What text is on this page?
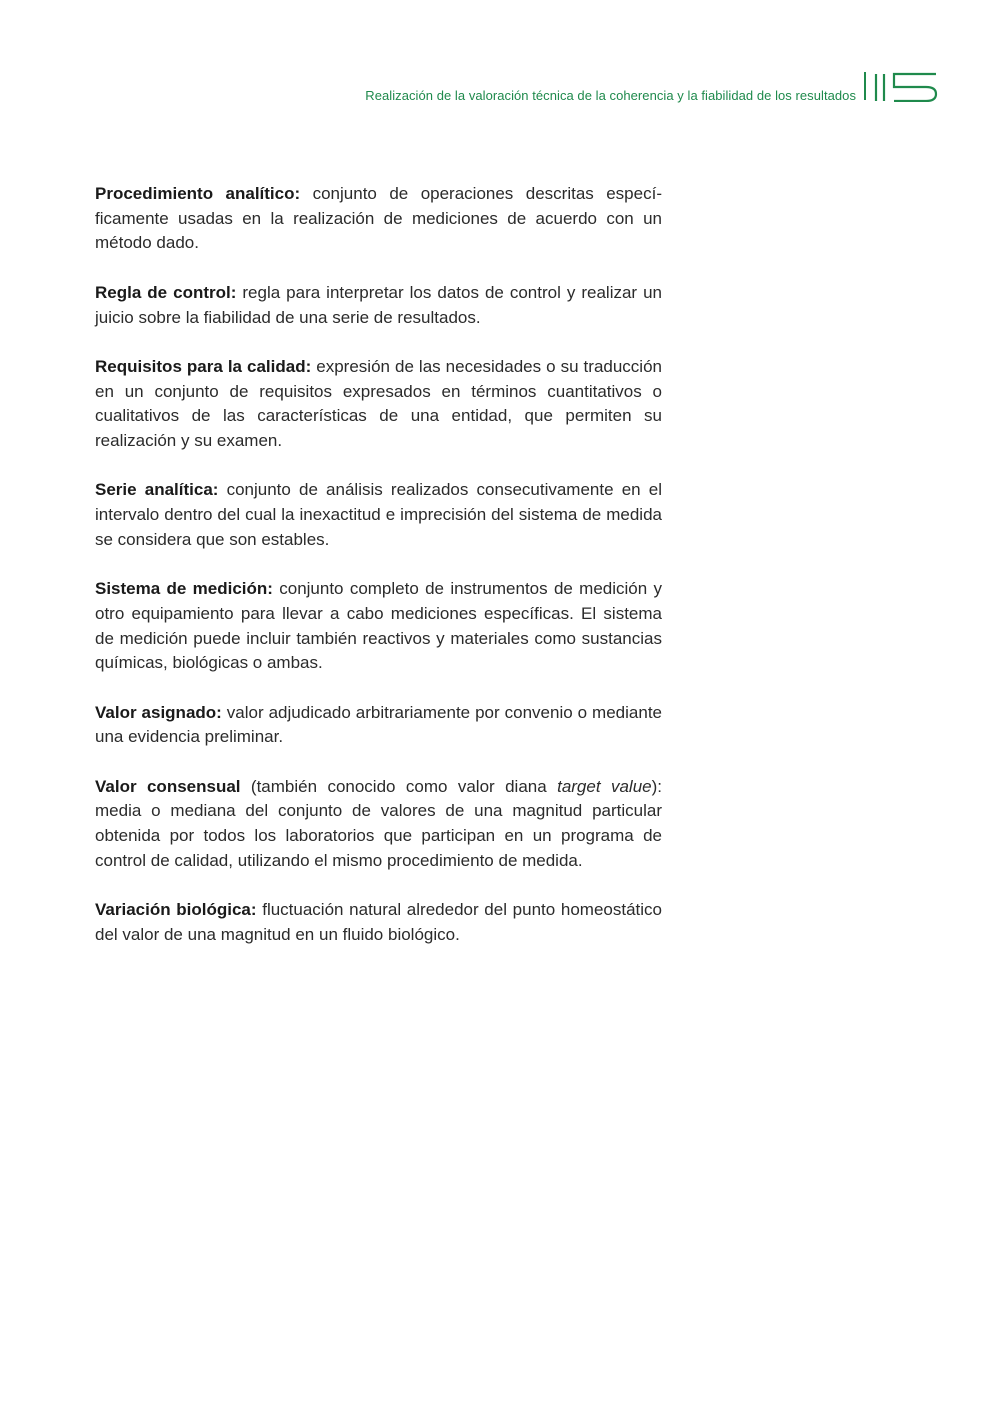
Realización de la valoración técnica de la coherencia y la fiabilidad de los resultados

Procedimiento analítico: conjunto de operaciones descritas específicamente usadas en la realización de mediciones de acuerdo con un método dado.

Regla de control: regla para interpretar los datos de control y realizar un juicio sobre la fiabilidad de una serie de resultados.

Requisitos para la calidad: expresión de las necesidades o su traducción en un conjunto de requisitos expresados en términos cuantitativos o cualitativos de las características de una entidad, que permiten su realización y su examen.

Serie analítica: conjunto de análisis realizados consecutivamente en el intervalo dentro del cual la inexactitud e imprecisión del sistema de medida se considera que son estables.

Sistema de medición: conjunto completo de instrumentos de medición y otro equipamiento para llevar a cabo mediciones específicas. El sistema de medición puede incluir también reactivos y materiales como sustancias químicas, biológicas o ambas.

Valor asignado: valor adjudicado arbitrariamente por convenio o mediante una evidencia preliminar.

Valor consensual (también conocido como valor diana target value): media o mediana del conjunto de valores de una magnitud particular obtenida por todos los laboratorios que participan en un programa de control de calidad, utilizando el mismo procedimiento de medida.

Variación biológica: fluctuación natural alrededor del punto homeostático del valor de una magnitud en un fluido biológico.
